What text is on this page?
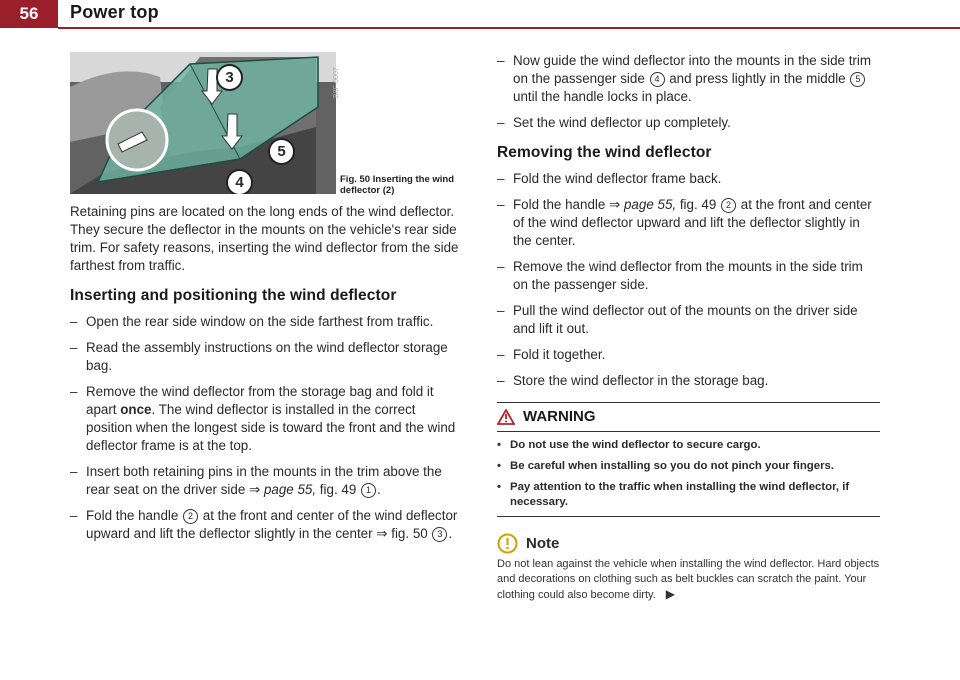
56	Power top
3
5
4
B8F-0007
Fig. 50 Inserting the wind deflector (2)

Retaining pins are located on the long ends of the wind deflector. They secure the deflector in the mounts on the vehicle's rear side trim. For safety reasons, inserting the wind deflector from the side farthest from traffic.

Inserting and positioning the wind deflector
– Open the rear side window on the side farthest from traffic.
– Read the assembly instructions on the wind deflector storage bag.
– Remove the wind deflector from the storage bag and fold it apart once. The wind deflector is installed in the correct position when the longest side is toward the front and the wind deflector frame is at the top.
– Insert both retaining pins in the mounts in the trim above the rear seat on the driver side ⇒ page 55, fig. 49 1 .
– Fold the handle 2 at the front and center of the wind deflector upward and lift the deflector slightly in the center ⇒ fig. 50 3 .
– Now guide the wind deflector into the mounts in the side trim on the passenger side 4 and press lightly in the middle 5 until the handle locks in place.
– Set the wind deflector up completely.
Removing the wind deflector
– Fold the wind deflector frame back.
– Fold the handle ⇒ page 55, fig. 49 2 at the front and center of the wind deflector upward and lift the deflector slightly in the center.
– Remove the wind deflector from the mounts in the side trim on the passenger side.
– Pull the wind deflector out of the mounts on the driver side and lift it out.
– Fold it together.
– Store the wind deflector in the storage bag.
WARNING
• Do not use the wind deflector to secure cargo.
• Be careful when installing so you do not pinch your fingers.
• Pay attention to the traffic when installing the wind deflector, if necessary.
Note
Do not lean against the vehicle when installing the wind deflector. Hard objects and decorations on clothing such as belt buckles can scratch the paint. Your clothing could also become dirty. ▶
